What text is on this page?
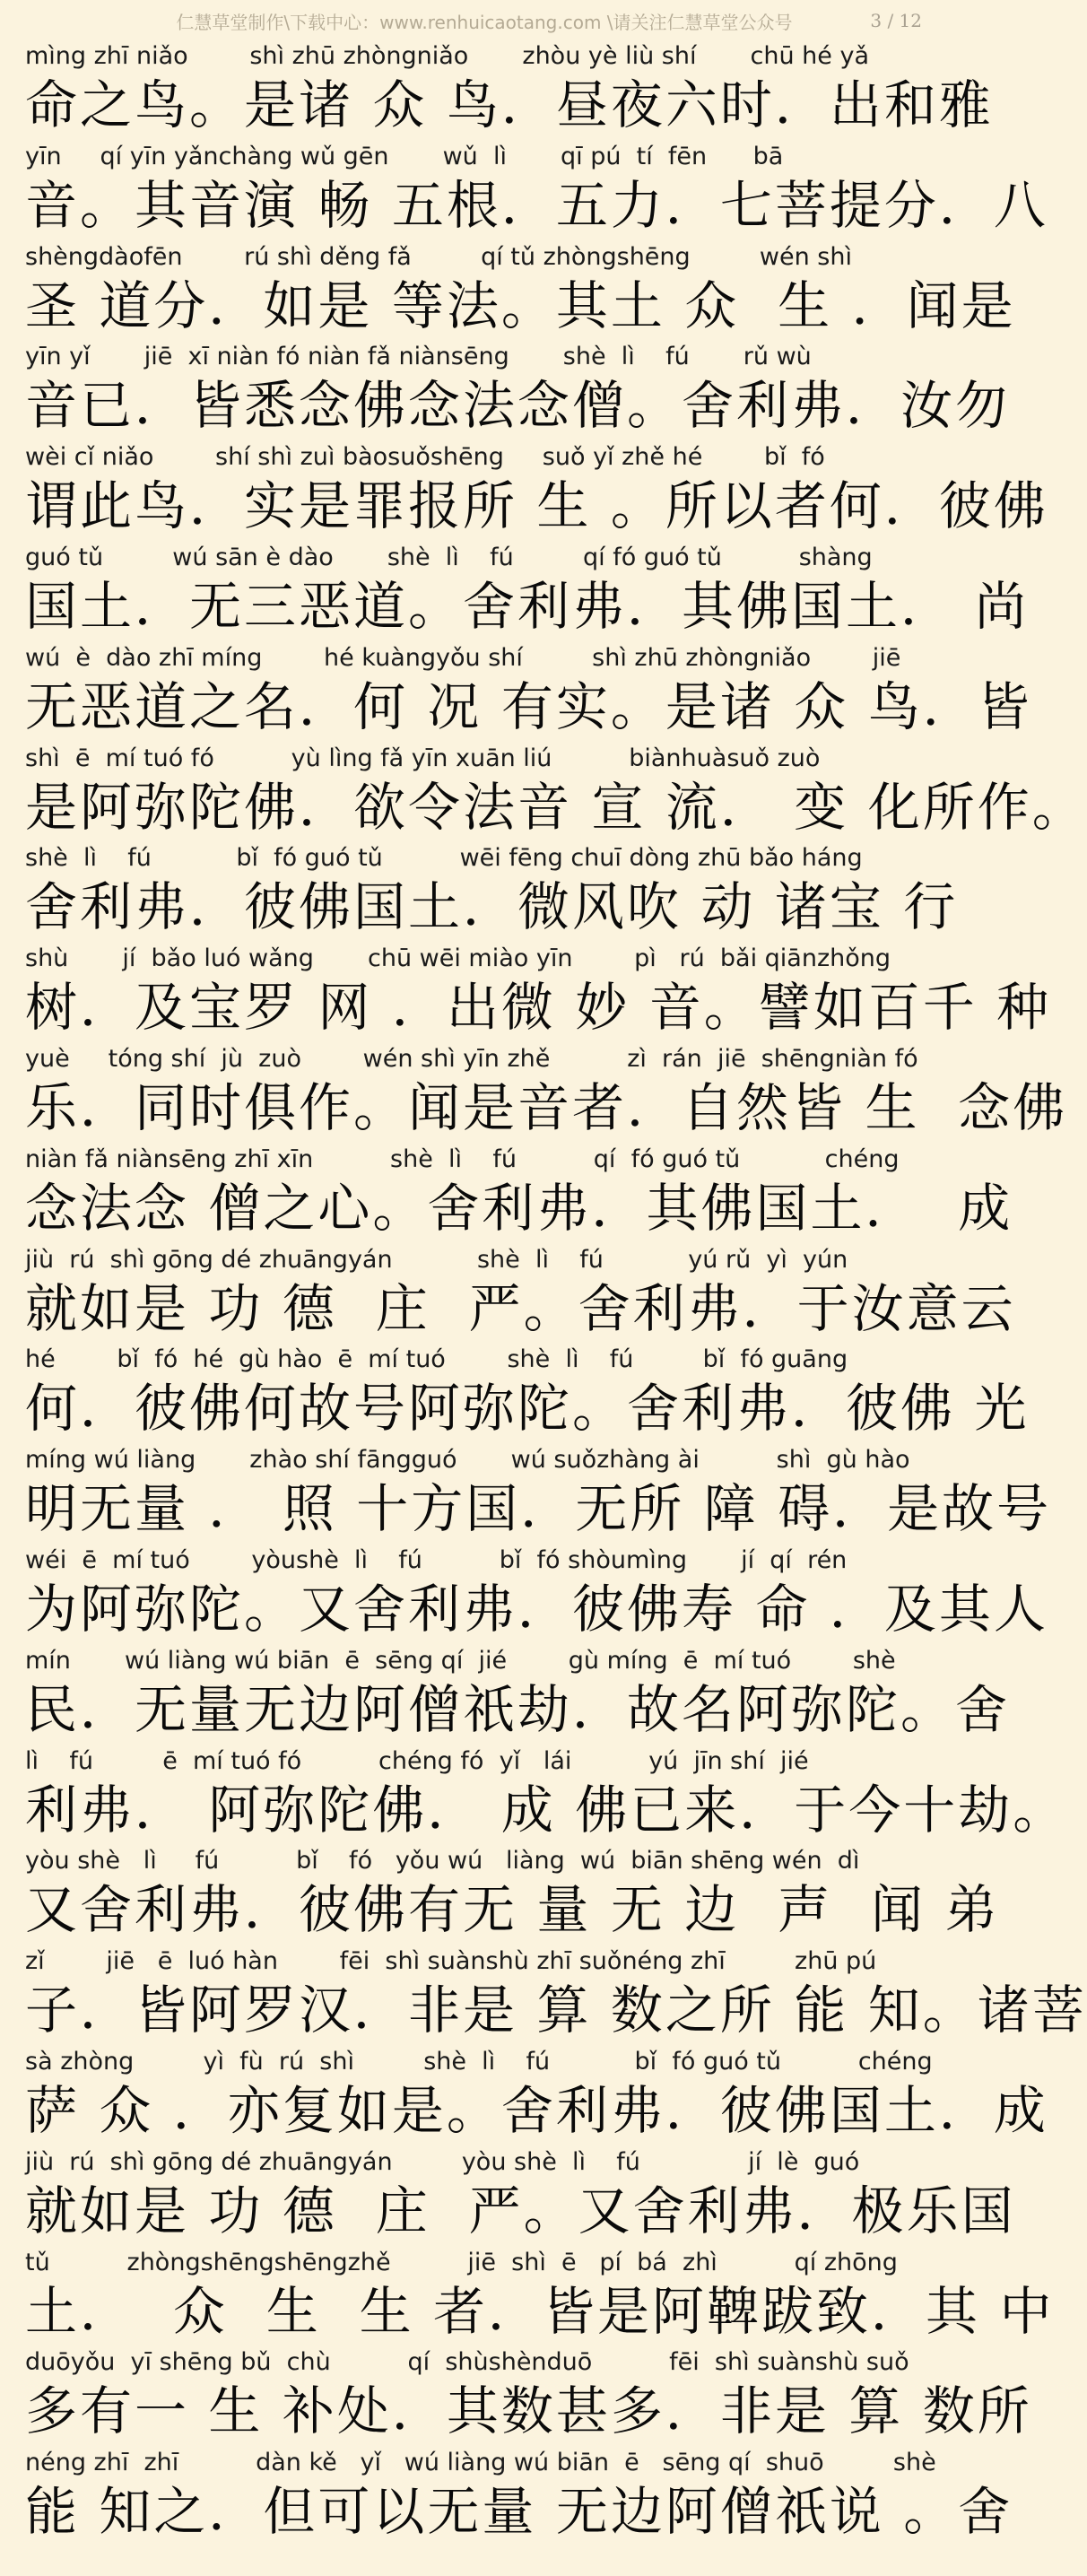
仁慧草堂制作\下载中心：www.renhuicaotang.com \请关注仁慧草堂公众号	3 / 12
mìng zhī niǎo        shì zhū zhòngniǎo       zhòu yè liù shí       chū hé yǎ
命之鸟。是诸 众 鸟．昼夜六时．出和雅
yīn     qí yīn yǎnchàng wǔ gēn       wǔ  lì       qī pú  tí  fēn      bā
音。其音演 畅 五根．五力．七菩提分．八
shèngdàofēn        rú shì děng fǎ         qí tǔ zhòngshēng         wén shì
圣 道分．如是 等法。其土 众  生 ．闻是
yīn yǐ       jiē  xī niàn fó niàn fǎ niànsēng       shè  lì    fú       rǔ wù
音已．皆悉念佛念法念僧。舍利弗．汝勿
wèi cǐ niǎo        shí shì zuì bàosuǒshēng     suǒ yǐ zhě hé        bǐ  fó
谓此鸟．实是罪报所 生 。所以者何．彼佛
guó tǔ         wú sān è dào       shè  lì    fú         qí fó guó tǔ          shàng
国土．无三恶道。舍利弗．其佛国土． 尚
wú  è  dào zhī míng        hé kuàngyǒu shí         shì zhū zhòngniǎo        jiē
无恶道之名．何 况 有实。是诸 众 鸟．皆
shì  ē  mí tuó fó          yù lìng fǎ yīn xuān liú          biànhuàsuǒ zuò
是阿弥陀佛．欲令法音 宣 流． 变 化所作。
shè  lì    fú           bǐ  fó guó tǔ          wēi fēng chuī dòng zhū bǎo háng
舍利弗．彼佛国土．微风吹 动 诸宝 行
shù       jí  bǎo luó wǎng       chū wēi miào yīn        pì   rú  bǎi qiānzhǒng
树．及宝罗 网 ．出微 妙 音。譬如百千 种
yuè     tóng shí  jù  zuò        wén shì yīn zhě          zì  rán  jiē  shēngniàn fó
乐．同时俱作。闻是音者．自然皆 生  念佛
niàn fǎ niànsēng zhī xīn          shè  lì    fú          qí  fó guó tǔ           chéng
念法念 僧之心。舍利弗．其佛国土．  成
jiù  rú  shì gōng dé zhuāngyán           shè  lì    fú           yú rǔ  yì  yún
就如是 功 德  庄  严。舍利弗．于汝意云
hé        bǐ  fó  hé  gù hào  ē  mí tuó        shè  lì    fú         bǐ  fó guāng
何．彼佛何故号阿弥陀。舍利弗．彼佛 光
míng wú liàng       zhào shí fāngguó       wú suǒzhàng ài          shì  gù hào
明无量 ． 照 十方国．无所 障 碍．是故号
wéi  ē  mí tuó        yòushè  lì    fú          bǐ  fó shòumìng       jí  qí  rén
为阿弥陀。又舍利弗．彼佛寿 命 ．及其人
mín       wú liàng wú biān  ē  sēng qí  jié        gù míng  ē  mí tuó        shè
民．无量无边阿僧祇劫．故名阿弥陀。舍
lì    fú         ē  mí tuó fó          chéng fó  yǐ   lái          yú  jīn shí  jié
利弗． 阿弥陀佛． 成 佛已来．于今十劫。
yòu shè   lì     fú          bǐ    fó   yǒu wú   liàng  wú  biān shēng wén  dì
又舍利弗．彼佛有无 量 无 边  声  闻 弟
zǐ        jiē   ē  luó hàn        fēi  shì suànshù zhī suǒnéng zhī         zhū pú
子．皆阿罗汉．非是 算 数之所 能 知。诸菩
sà zhòng         yì  fù  rú  shì         shè  lì    fú           bǐ  fó guó tǔ          chéng
萨 众 ．亦复如是。舍利弗．彼佛国土．成
jiù  rú  shì gōng dé zhuāngyán         yòu shè  lì    fú              jí  lè  guó
就如是 功 德  庄  严。又舍利弗．极乐国
tǔ          zhòngshēngshēngzhě          jiē  shì  ē   pí  bá  zhì          qí zhōng
土．  众  生  生 者．皆是阿鞞跋致．其 中
duōyǒu  yī shēng bǔ  chù          qí  shùshènduō          fēi  shì suànshù suǒ
多有一 生 补处．其数甚多．非是 算 数所
néng zhī  zhī          dàn kě   yǐ   wú liàng wú biān  ē   sēng qí  shuō         shè
能 知之．但可以无量 无边阿僧祇说 。舍
